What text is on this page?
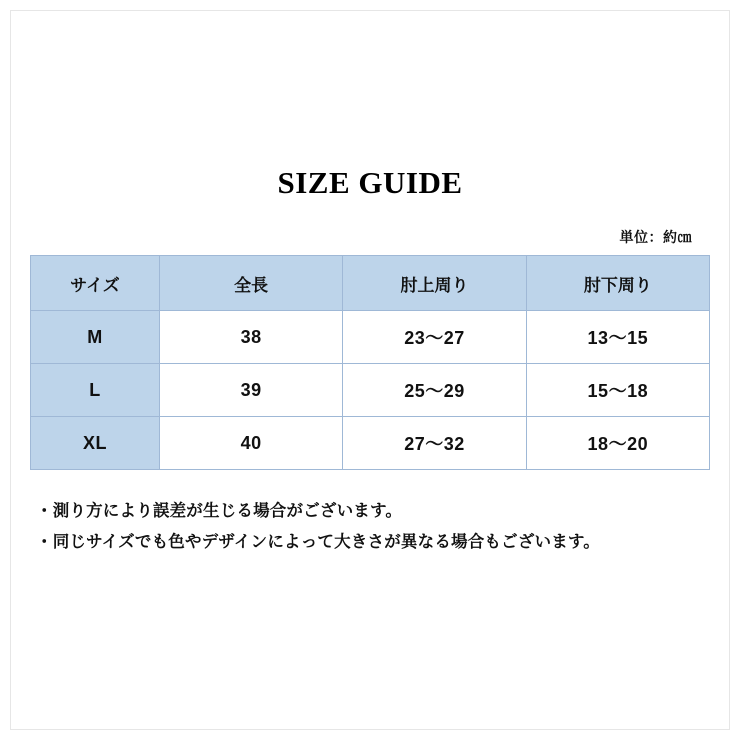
SIZE GUIDE
単位：約㎝
サイズ	全長	肘上周り	肘下周り
M	38	23〜27	13〜15
L	39	25〜29	15〜18
XL	40	27〜32	18〜20
・測り方により誤差が生じる場合がございます。
・同じサイズでも色やデザインによって大きさが異なる場合もございます。
